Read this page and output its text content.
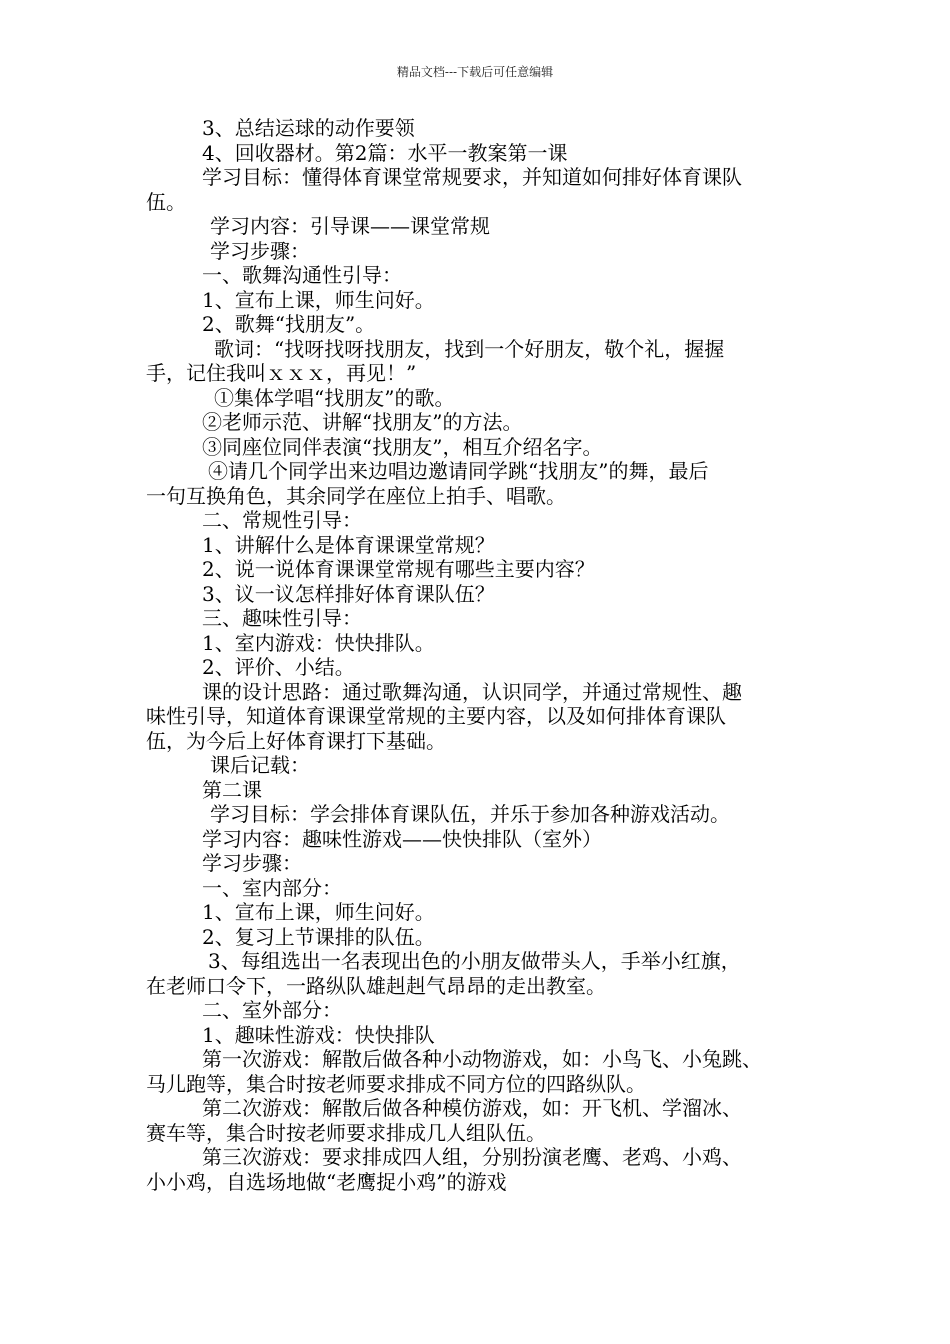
精品文档---下载后可任意编辑
3、总结运球的动作要领
4、回收器材。第2篇：水平一教案第一课
学习目标：懂得体育课堂常规要求，并知道如何排好体育课队
伍。
学习内容：引导课——课堂常规
学习步骤：
一、歌舞沟通性引导：
1、宣布上课，师生问好。
2、歌舞“找朋友”。
歌词：“找呀找呀找朋友，找到一个好朋友，敬个礼，握握
手，记住我叫ｘｘｘ，再见！”
①集体学唱“找朋友”的歌。
②老师示范、讲解“找朋友”的方法。
③同座位同伴表演“找朋友”，相互介绍名字。
④请几个同学出来边唱边邀请同学跳“找朋友”的舞，最后
一句互换角色，其余同学在座位上拍手、唱歌。
二、常规性引导：
1、讲解什么是体育课课堂常规？
2、说一说体育课课堂常规有哪些主要内容？
3、议一议怎样排好体育课队伍？
三、趣味性引导：
1、室内游戏：快快排队。
2、评价、小结。
课的设计思路：通过歌舞沟通，认识同学，并通过常规性、趣
味性引导，知道体育课课堂常规的主要内容，以及如何排体育课队
伍，为今后上好体育课打下基础。
课后记载：
第二课
学习目标：学会排体育课队伍，并乐于参加各种游戏活动。
学习内容：趣味性游戏——快快排队（室外）
学习步骤：
一、室内部分：
1、宣布上课，师生问好。
2、复习上节课排的队伍。
3、每组选出一名表现出色的小朋友做带头人，手举小红旗，
在老师口令下，一路纵队雄赳赳气昂昂的走出教室。
二、室外部分：
1、趣味性游戏：快快排队
第一次游戏：解散后做各种小动物游戏，如：小鸟飞、小兔跳、
马儿跑等，集合时按老师要求排成不同方位的四路纵队。
第二次游戏：解散后做各种模仿游戏，如：开飞机、学溜冰、
赛车等，集合时按老师要求排成几人组队伍。
第三次游戏：要求排成四人组，分别扮演老鹰、老鸡、小鸡、
小小鸡，自选场地做“老鹰捉小鸡”的游戏
